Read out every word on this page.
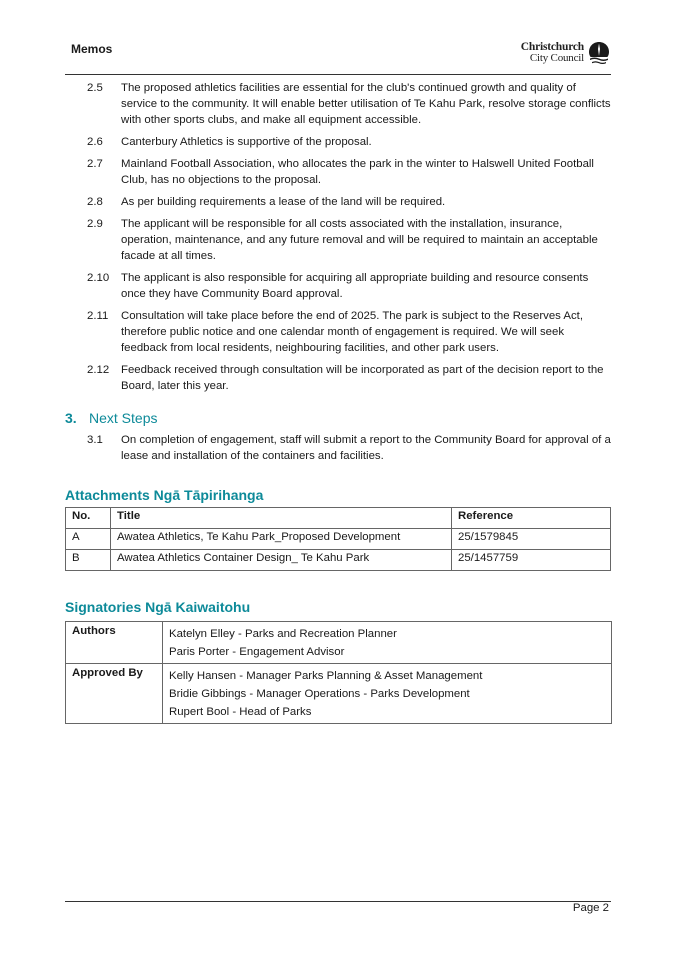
Memos	Christchurch
City Council
2.5	The proposed athletics facilities are essential for the club's continued growth and quality of service to the community. It will enable better utilisation of Te Kahu Park, resolve storage conflicts with other sports clubs, and make all equipment accessible.
2.6	Canterbury Athletics is supportive of the proposal.
2.7	Mainland Football Association, who allocates the park in the winter to Halswell United Football Club, has no objections to the proposal.
2.8	As per building requirements a lease of the land will be required.
2.9	The applicant will be responsible for all costs associated with the installation, insurance, operation, maintenance, and any future removal and will be required to maintain an acceptable facade at all times.
2.10	The applicant is also responsible for acquiring all appropriate building and resource consents once they have Community Board approval.
2.11	Consultation will take place before the end of 2025. The park is subject to the Reserves Act, therefore public notice and one calendar month of engagement is required. We will seek feedback from local residents, neighbouring facilities, and other park users.
2.12	Feedback received through consultation will be incorporated as part of the decision report to the Board, later this year.
3. Next Steps
3.1	On completion of engagement, staff will submit a report to the Community Board for approval of a lease and installation of the containers and facilities.
Attachments Ngā Tāpirihanga
No.	Title	Reference
A	Awatea Athletics, Te Kahu Park_Proposed Development	25/1579845
B	Awatea Athletics Container Design_ Te Kahu Park	25/1457759
Signatories Ngā Kaiwaitohu
Authors	Katelyn Elley - Parks and Recreation Planner
Paris Porter - Engagement Advisor

Approved By	Kelly Hansen - Manager Parks Planning & Asset Management
Bridie Gibbings - Manager Operations - Parks Development
Rupert Bool - Head of Parks
Page 2
